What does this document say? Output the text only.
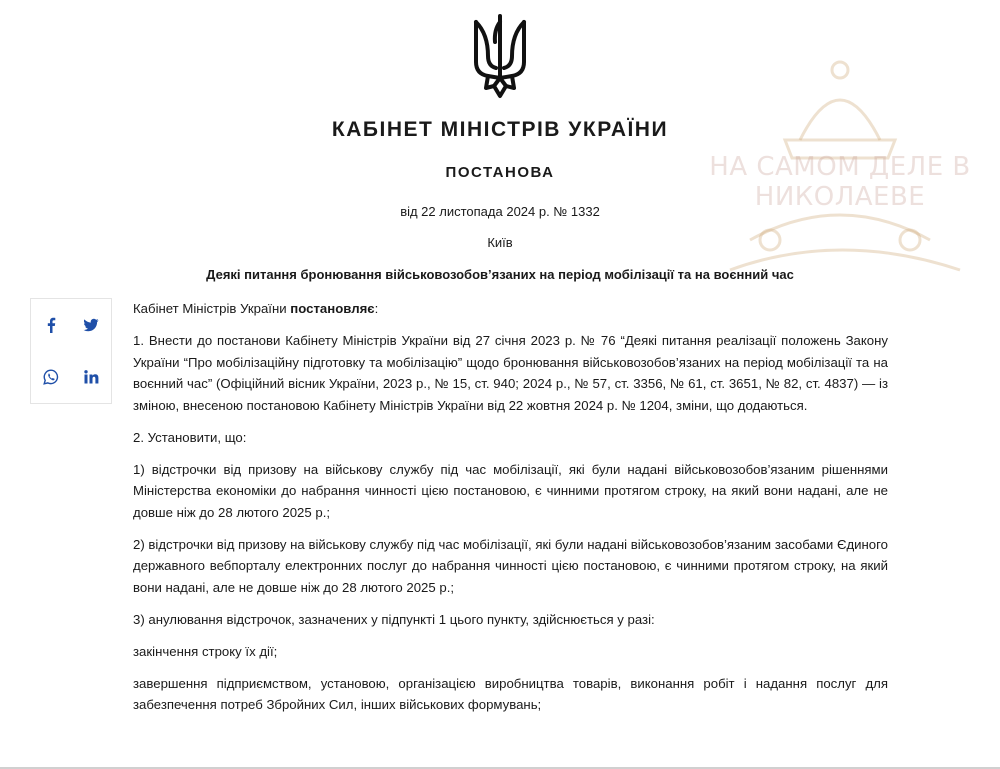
НА САМОМ ДЕЛЕ В
НИКОЛАЕВЕ
КАБІНЕТ МІНІСТРІВ УКРАЇНИ
ПОСТАНОВА
від 22 листопада 2024 р. № 1332
Київ
Деякі питання бронювання військовозобов’язаних на період мобілізації та на воєнний час

Кабінет Міністрів України постановляє:

1. Внести до постанови Кабінету Міністрів України від 27 січня 2023 р. № 76 “Деякі питання реалізації положень Закону України “Про мобілізаційну підготовку та мобілізацію” щодо бронювання військовозобов’язаних на період мобілізації та на воєнний час” (Офіційний вісник України, 2023 р., № 15, ст. 940; 2024 р., № 57, ст. 3356, № 61, ст. 3651, № 82, ст. 4837) — із зміною, внесеною постановою Кабінету Міністрів України від 22 жовтня 2024 р. № 1204, зміни, що додаються.

2. Установити, що:

1) відстрочки від призову на військову службу під час мобілізації, які були надані військовозобов’язаним рішеннями Міністерства економіки до набрання чинності цією постановою, є чинними протягом строку, на який вони надані, але не довше ніж до 28 лютого 2025 р.;

2) відстрочки від призову на військову службу під час мобілізації, які були надані військовозобов’язаним засобами Єдиного державного вебпорталу електронних послуг до набрання чинності цією постановою, є чинними протягом строку, на який вони надані, але не довше ніж до 28 лютого 2025 р.;

3) анулювання відстрочок, зазначених у підпункті 1 цього пункту, здійснюється у разі:

закінчення строку їх дії;

завершення підприємством, установою, організацією виробництва товарів, виконання робіт і надання послуг для забезпечення потреб Збройних Сил, інших військових формувань;
